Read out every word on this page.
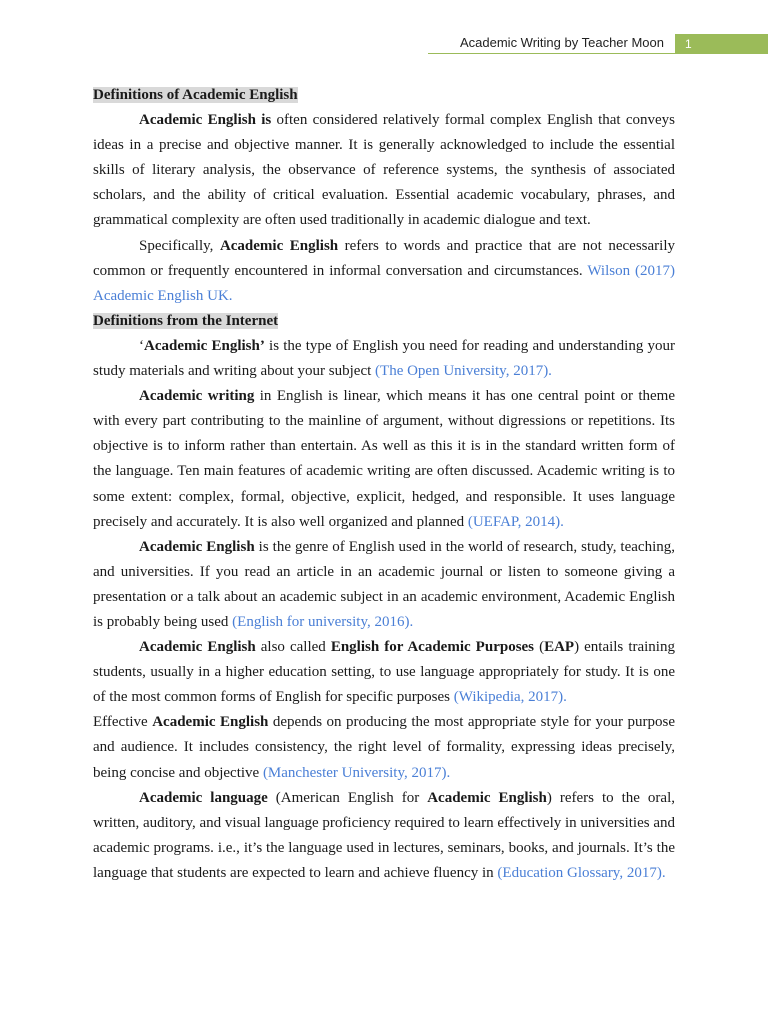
Academic Writing by Teacher Moon	1

Definitions of Academic English

Academic English is often considered relatively formal complex English that conveys ideas in a precise and objective manner. It is generally acknowledged to include the essential skills of literary analysis, the observance of reference systems, the synthesis of associated scholars, and the ability of critical evaluation. Essential academic vocabulary, phrases, and grammatical complexity are often used traditionally in academic dialogue and text.

Specifically, Academic English refers to words and practice that are not necessarily common or frequently encountered in informal conversation and circumstances. Wilson (2017) Academic English UK.

Definitions from the Internet

‘Academic English’ is the type of English you need for reading and understanding your study materials and writing about your subject (The Open University, 2017).

Academic writing in English is linear, which means it has one central point or theme with every part contributing to the mainline of argument, without digressions or repetitions. Its objective is to inform rather than entertain. As well as this it is in the standard written form of the language. Ten main features of academic writing are often discussed. Academic writing is to some extent: complex, formal, objective, explicit, hedged, and responsible. It uses language precisely and accurately. It is also well organized and planned (UEFAP, 2014).

Academic English is the genre of English used in the world of research, study, teaching, and universities. If you read an article in an academic journal or listen to someone giving a presentation or a talk about an academic subject in an academic environment, Academic English is probably being used (English for university, 2016).

Academic English also called English for Academic Purposes (EAP) entails training students, usually in a higher education setting, to use language appropriately for study. It is one of the most common forms of English for specific purposes (Wikipedia, 2017).

Effective Academic English depends on producing the most appropriate style for your purpose and audience. It includes consistency, the right level of formality, expressing ideas precisely, being concise and objective (Manchester University, 2017).

Academic language (American English for Academic English) refers to the oral, written, auditory, and visual language proficiency required to learn effectively in universities and academic programs. i.e., it’s the language used in lectures, seminars, books, and journals. It’s the language that students are expected to learn and achieve fluency in (Education Glossary, 2017).
